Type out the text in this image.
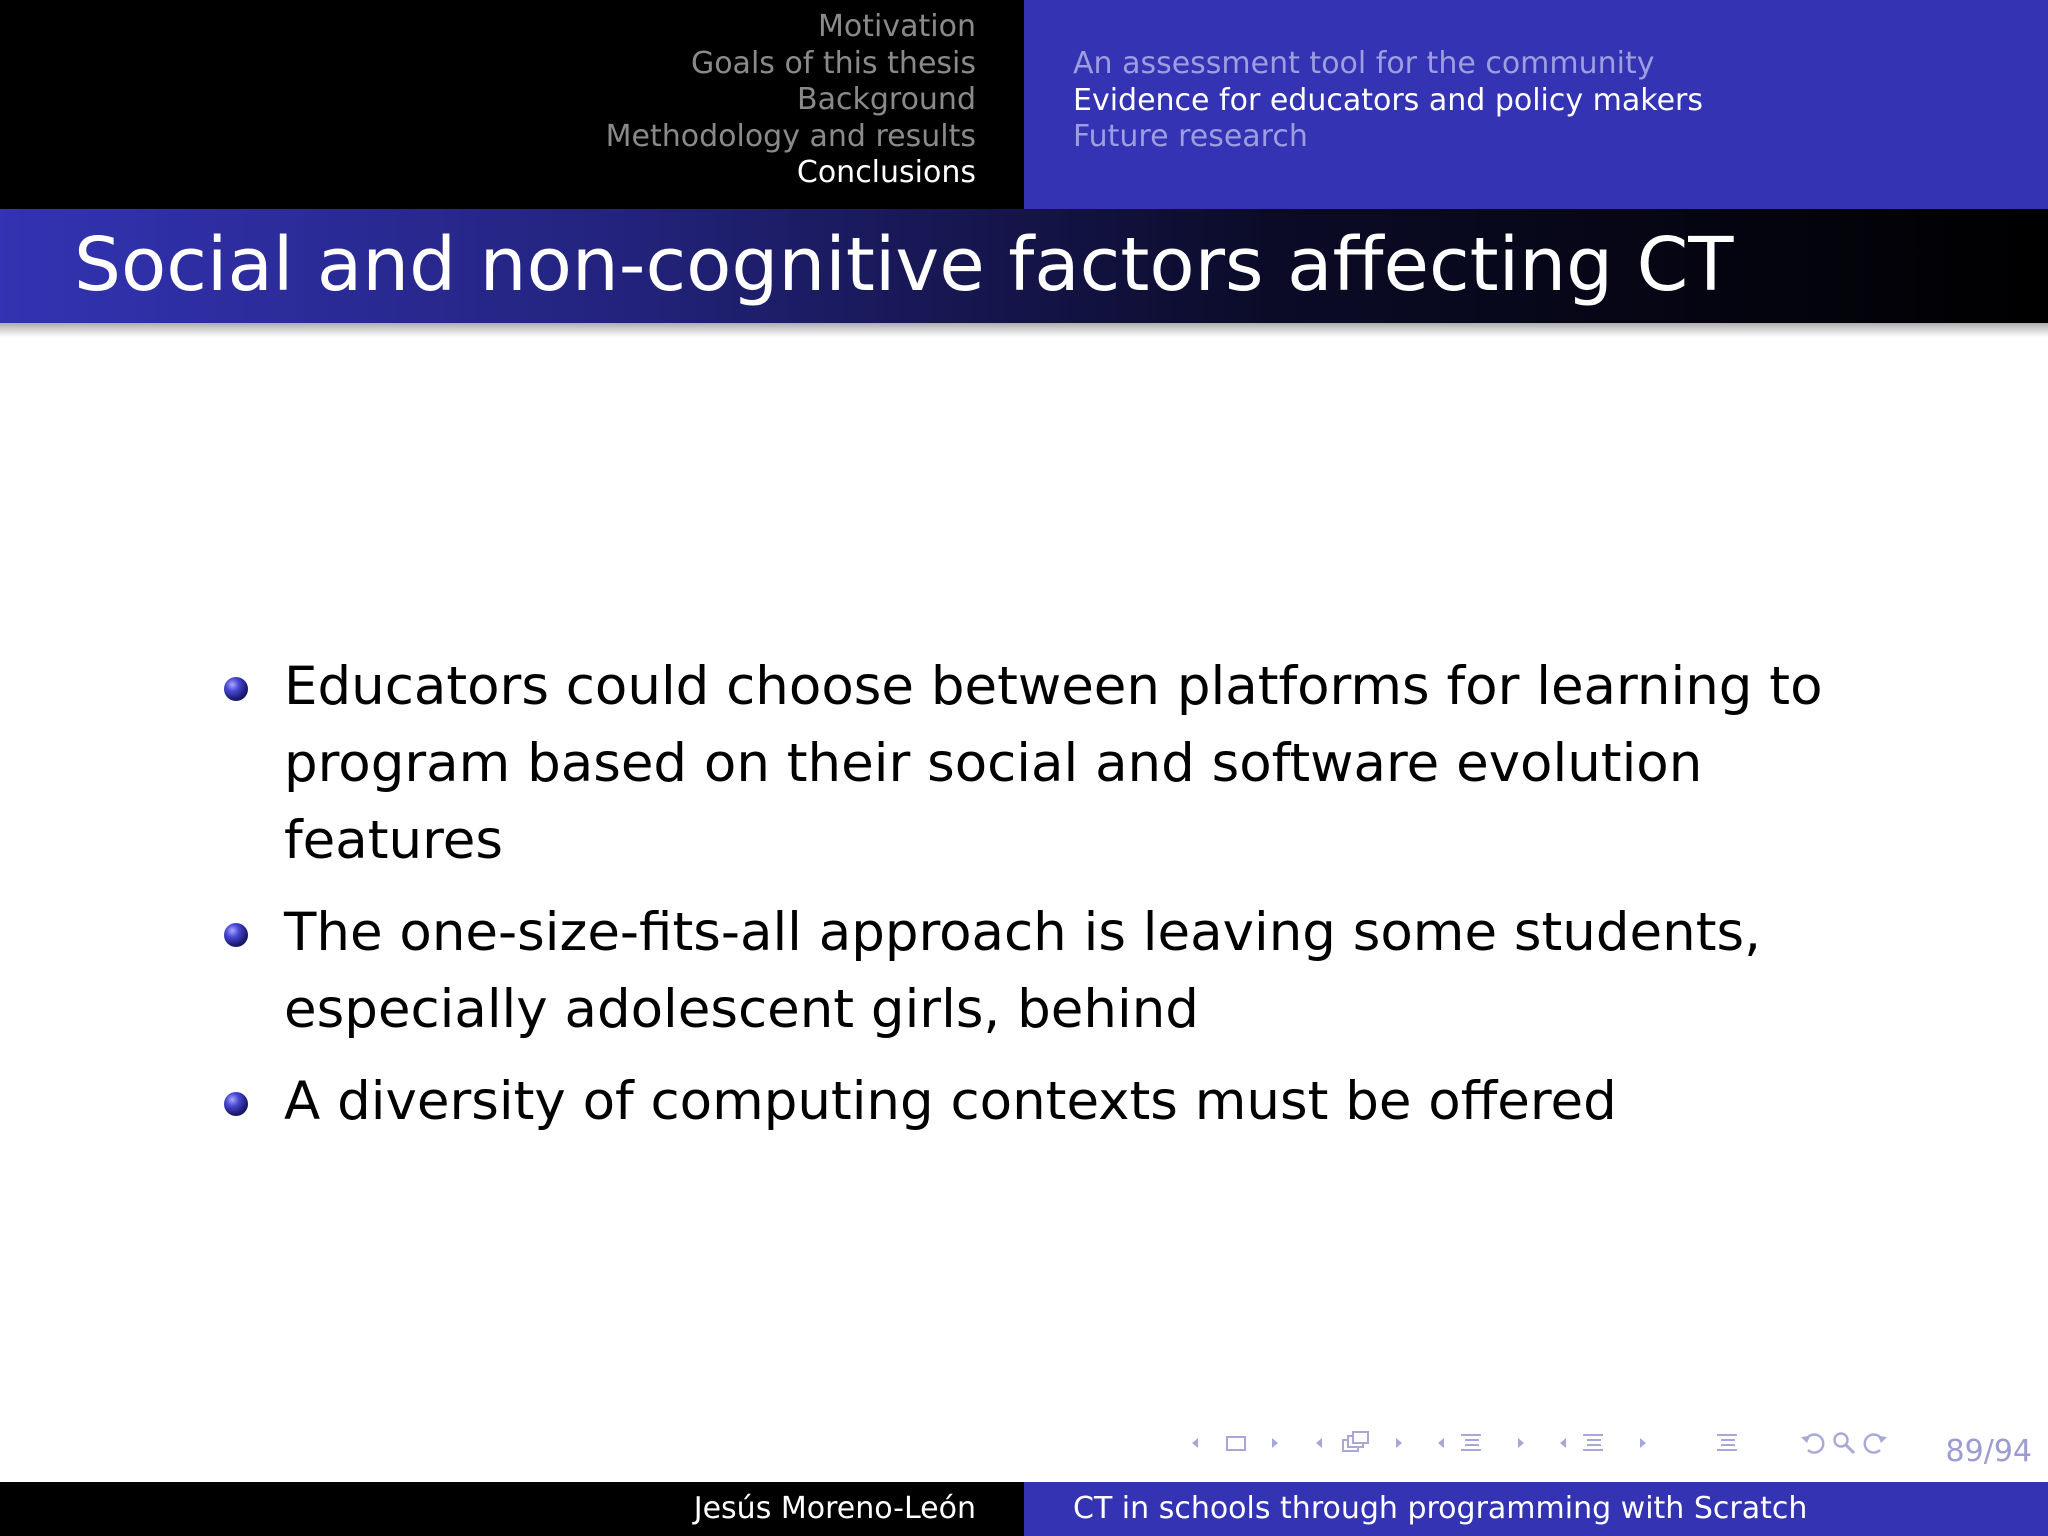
Motivation
Goals of this thesis
Background
Methodology and results
Conclusions
An assessment tool for the community
Evidence for educators and policy makers
Future research
Social and non-cognitive factors affecting CT
Educators could choose between platforms for learning to program based on their social and software evolution features
The one-size-fits-all approach is leaving some students, especially adolescent girls, behind
A diversity of computing contexts must be offered
89/94
Jesús Moreno-León	CT in schools through programming with Scratch
